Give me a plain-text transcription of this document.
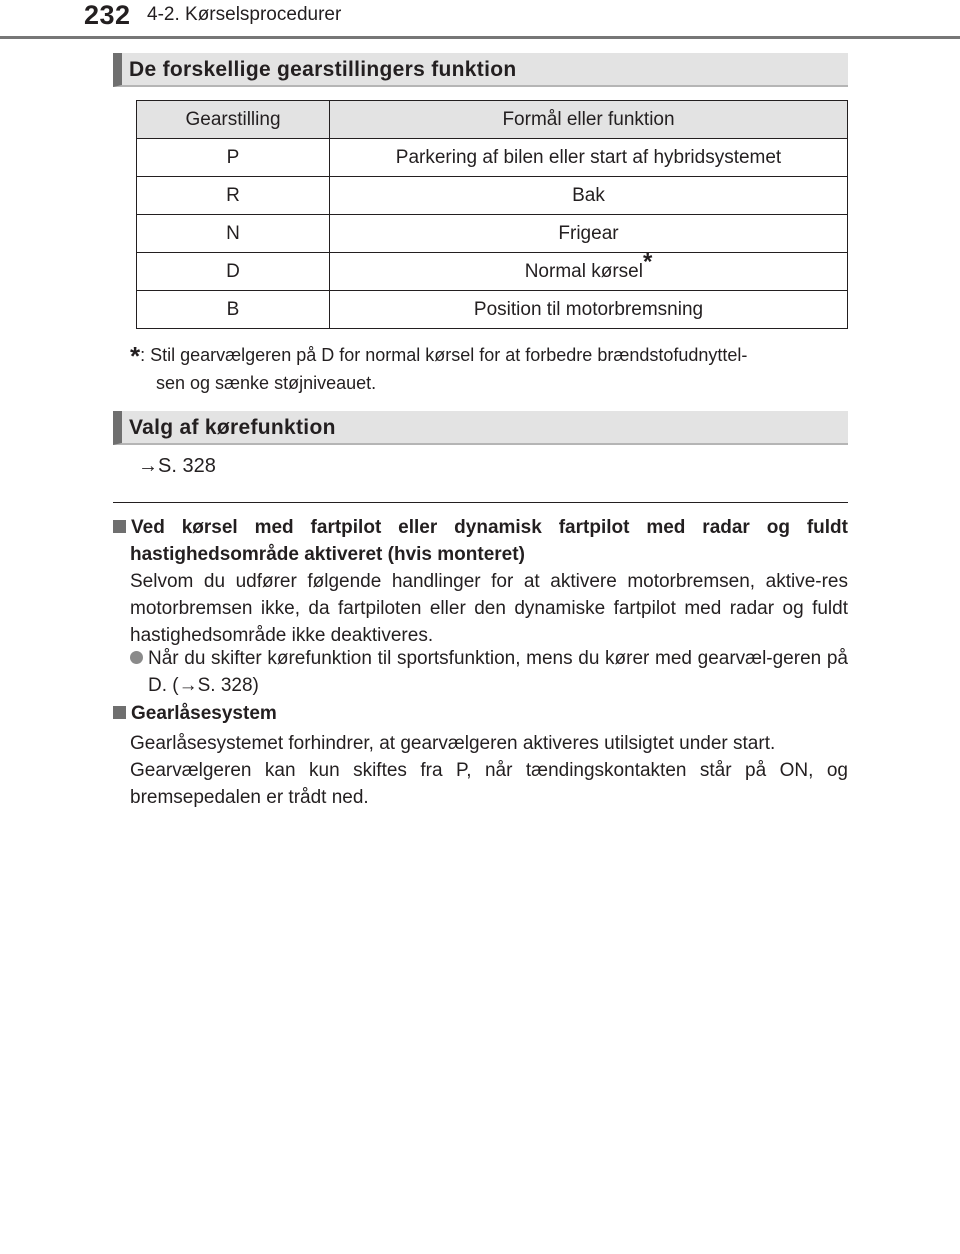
232 4-2. Kørselsprocedurer
De forskellige gearstillingers funktion
Gearstilling	Formål eller funktion
P	Parkering af bilen eller start af hybridsystemet
R	Bak
N	Frigear
D	Normal kørsel*
B	Position til motorbremsning
*: Stil gearvælgeren på D for normal kørsel for at forbedre brændstofudnyttel-
sen og sænke støjniveauet.
Valg af kørefunktion
→S. 328
Ved kørsel med fartpilot eller dynamisk fartpilot med radar og fuldt hastighedsområde aktiveret (hvis monteret)
Selvom du udfører følgende handlinger for at aktivere motorbremsen, aktive-res motorbremsen ikke, da fartpiloten eller den dynamiske fartpilot med radar og fuldt hastighedsområde ikke deaktiveres.
Når du skifter kørefunktion til sportsfunktion, mens du kører med gearvæl-geren på D. (→S. 328)
Gearlåsesystem
Gearlåsesystemet forhindrer, at gearvælgeren aktiveres utilsigtet under start.
Gearvælgeren kan kun skiftes fra P, når tændingskontakten står på ON, og bremsepedalen er trådt ned.
